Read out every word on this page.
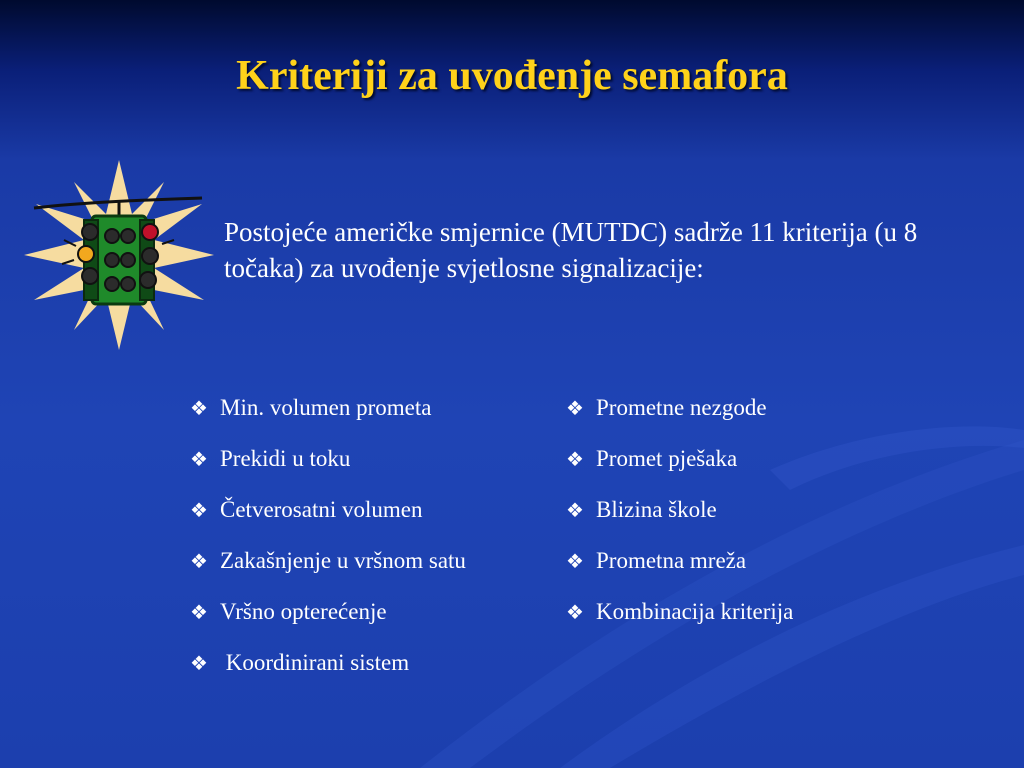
Kriteriji za uvođenje semafora

Postojeće američke smjernice (MUTDC) sadrže 11 kriterija (u 8 točaka) za uvođenje svjetlosne signalizacije:

❖ Min. volumen prometa
❖ Prekidi u toku
❖ Četverosatni volumen
❖ Zakašnjenje u vršnom satu
❖ Vršno opterećenje
❖ Koordinirani sistem
❖ Prometne nezgode
❖ Promet pješaka
❖ Blizina škole
❖ Prometna mreža
❖ Kombinacija kriterija
